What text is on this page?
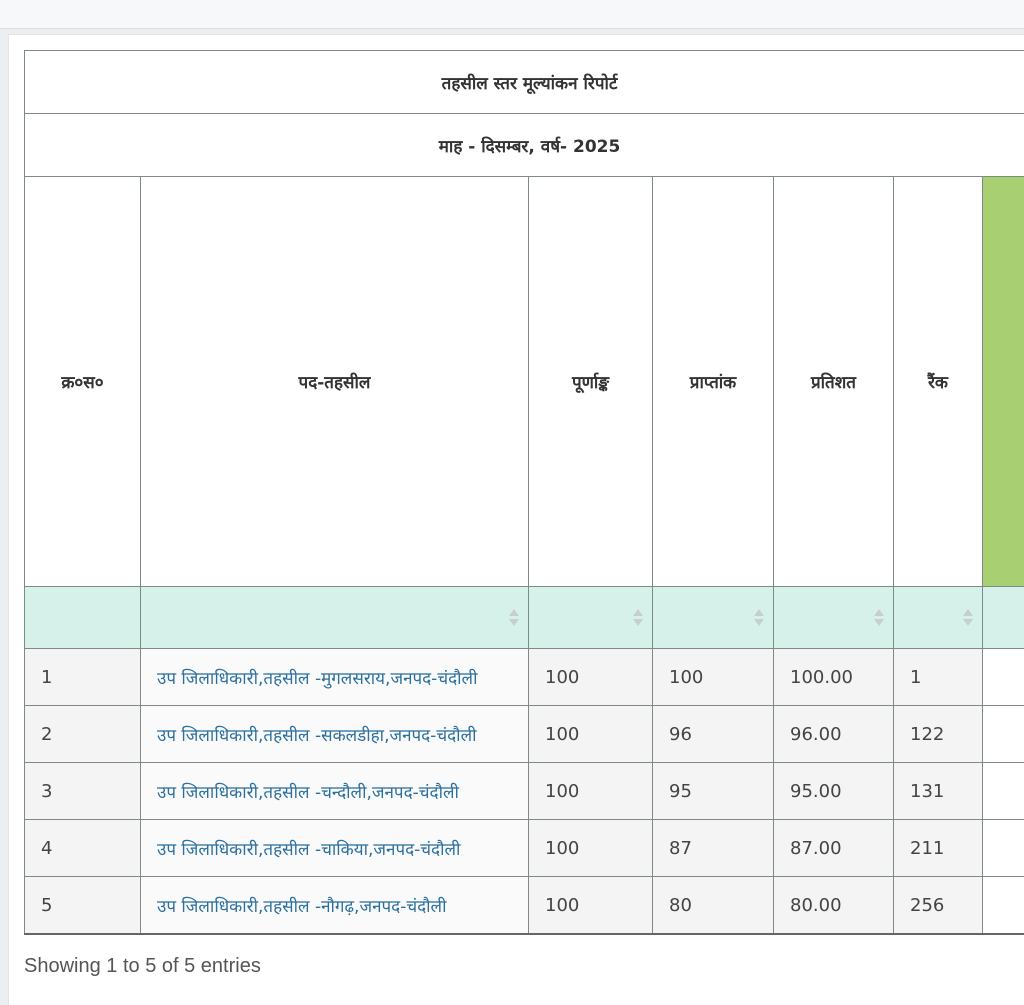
तहसील स्तर मूल्यांकन रिपोर्ट						
माह - दिसम्बर, वर्ष- 2025						
क्र०स०	पद-तहसील	पूर्णाङ्क	प्राप्तांक	प्रतिशत	रैंक	

1	उप जिलाधिकारी,तहसील -मुगलसराय,जनपद-चंदौली	100	100	100.00	1	
2	उप जिलाधिकारी,तहसील -सकलडीहा,जनपद-चंदौली	100	96	96.00	122	
3	उप जिलाधिकारी,तहसील -चन्दौली,जनपद-चंदौली	100	95	95.00	131	
4	उप जिलाधिकारी,तहसील -चाकिया,जनपद-चंदौली	100	87	87.00	211	
5	उप जिलाधिकारी,तहसील -नौगढ़,जनपद-चंदौली	100	80	80.00	256	
Showing 1 to 5 of 5 entries
